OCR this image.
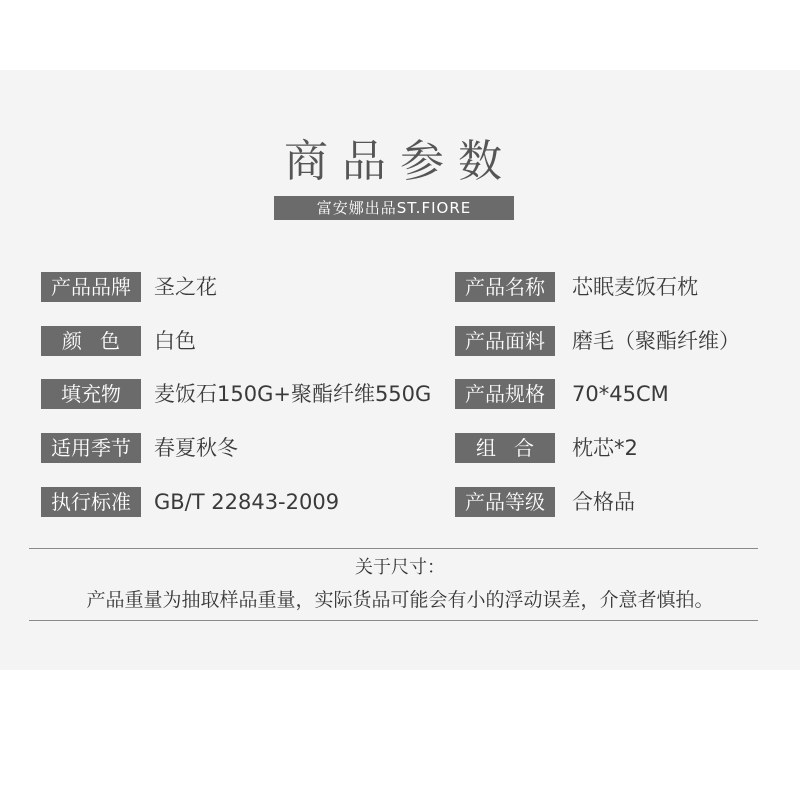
商品参数
富安娜出品ST.FIORE
产品品牌	圣之花	产品名称	芯眠麦饭石枕
颜色 白色	产品面料	磨毛（聚酯纤维）
填充物	麦饭石150G+聚酯纤维550G	产品规格	70*45CM
适用季节	春夏秋冬	组合 枕芯*2
执行标准	GB/T 22843-2009	产品等级	合格品
关于尺寸：
产品重量为抽取样品重量，实际货品可能会有小的浮动误差，介意者慎拍。
